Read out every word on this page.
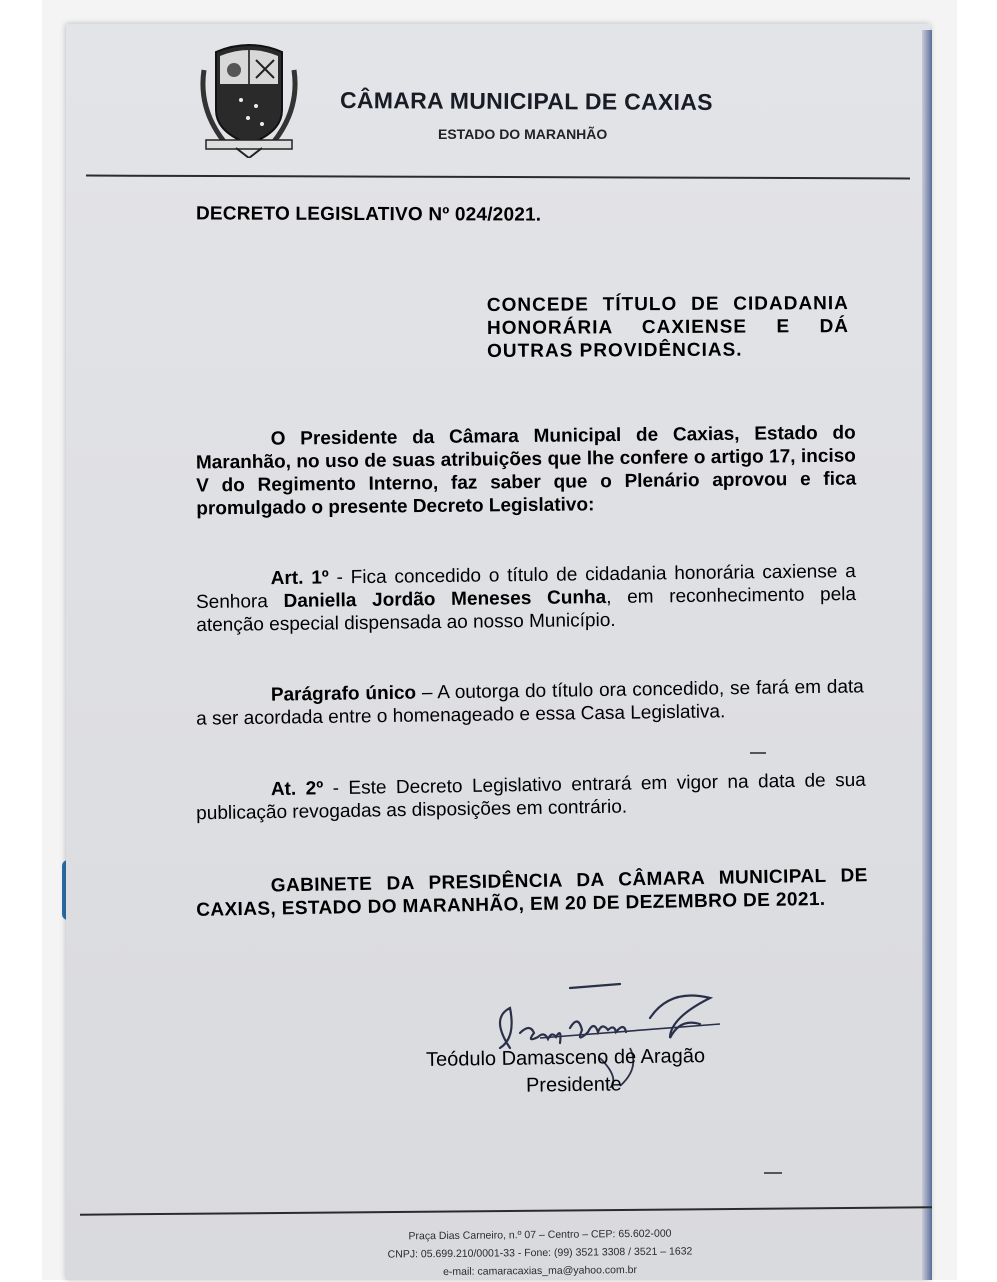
CÂMARA MUNICIPAL DE CAXIAS
ESTADO DO MARANHÃO
DECRETO LEGISLATIVO Nº 024/2021.
CONCEDE TÍTULO DE CIDADANIA HONORÁRIA CAXIENSE E DÁ OUTRAS PROVIDÊNCIAS.
O Presidente da Câmara Municipal de Caxias, Estado do Maranhão, no uso de suas atribuições que lhe confere o artigo 17, inciso V do Regimento Interno, faz saber que o Plenário aprovou e fica promulgado o presente Decreto Legislativo:
Art. 1º - Fica concedido o título de cidadania honorária caxiense a Senhora Daniella Jordão Meneses Cunha, em reconhecimento pela atenção especial dispensada ao nosso Município.
Parágrafo único – A outorga do título ora concedido, se fará em data a ser acordada entre o homenageado e essa Casa Legislativa.
At. 2º - Este Decreto Legislativo entrará em vigor na data de sua publicação revogadas as disposições em contrário.
GABINETE DA PRESIDÊNCIA DA CÂMARA MUNICIPAL DE CAXIAS, ESTADO DO MARANHÃO, EM 20 DE DEZEMBRO DE 2021.
Teódulo Damasceno de Aragão
Presidente
Praça Dias Carneiro, n.º 07 – Centro – CEP: 65.602-000
CNPJ: 05.699.210/0001-33 - Fone: (99) 3521 3308 / 3521 – 1632
e-mail: camaracaxias_ma@yahoo.com.br
